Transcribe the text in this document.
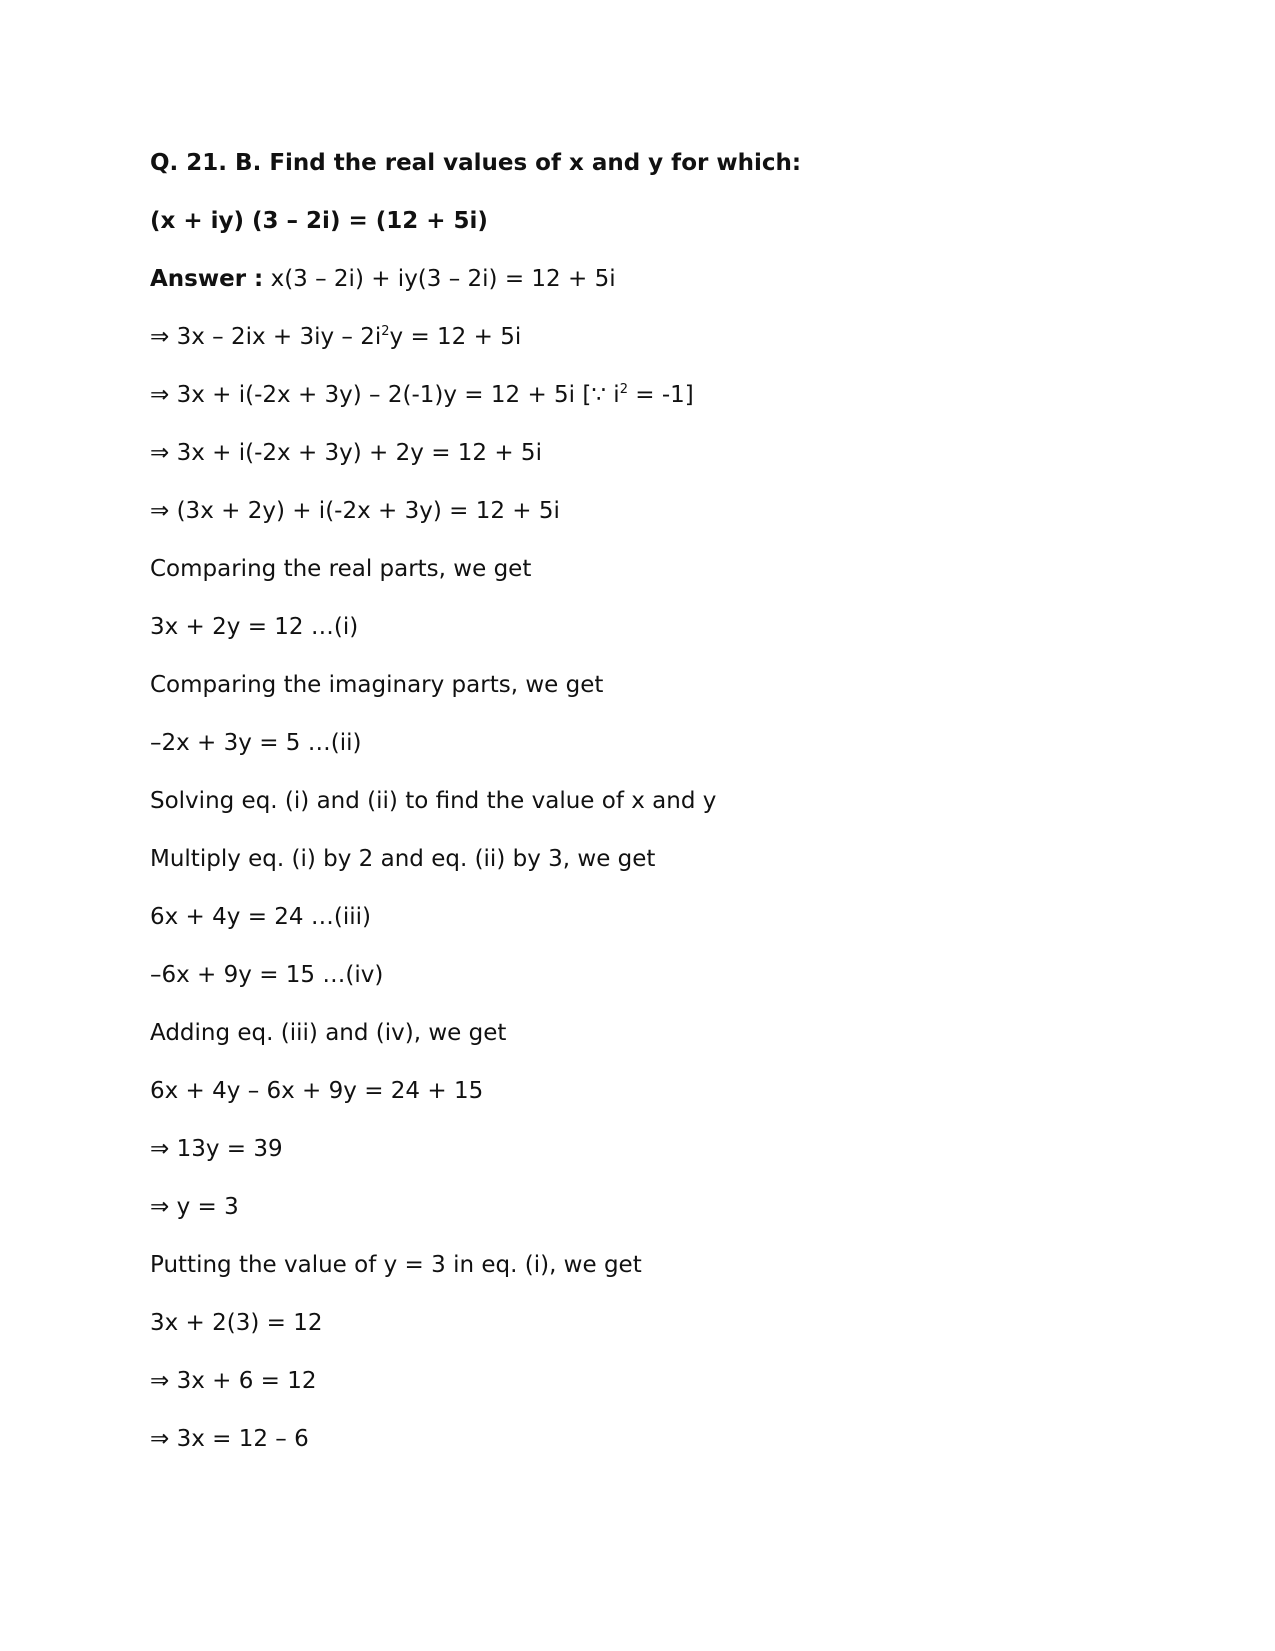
Q. 21. B. Find the real values of x and y for which:
(x + iy) (3 – 2i) = (12 + 5i)
Answer : x(3 – 2i) + iy(3 – 2i) = 12 + 5i
⇒ $3x - 2ix + 3iy - 2i^2y = 12 + 5i$
⇒ 3x + i(-2x + 3y) – 2(-1)y = 12 + 5i [∵ $i^2 = -1$]
⇒ 3x + i(-2x + 3y) + 2y = 12 + 5i
⇒ (3x + 2y) + i(-2x + 3y) = 12 + 5i
Comparing the real parts, we get
3x + 2y = 12 …(i)
Comparing the imaginary parts, we get
–2x + 3y = 5 …(ii)
Solving eq. (i) and (ii) to find the value of x and y
Multiply eq. (i) by 2 and eq. (ii) by 3, we get
6x + 4y = 24 …(iii)
–6x + 9y = 15 …(iv)
Adding eq. (iii) and (iv), we get
6x + 4y – 6x + 9y = 24 + 15
⇒ 13y = 39
⇒ y = 3
Putting the value of y = 3 in eq. (i), we get
3x + 2(3) = 12
⇒ 3x + 6 = 12
⇒ 3x = 12 – 6
